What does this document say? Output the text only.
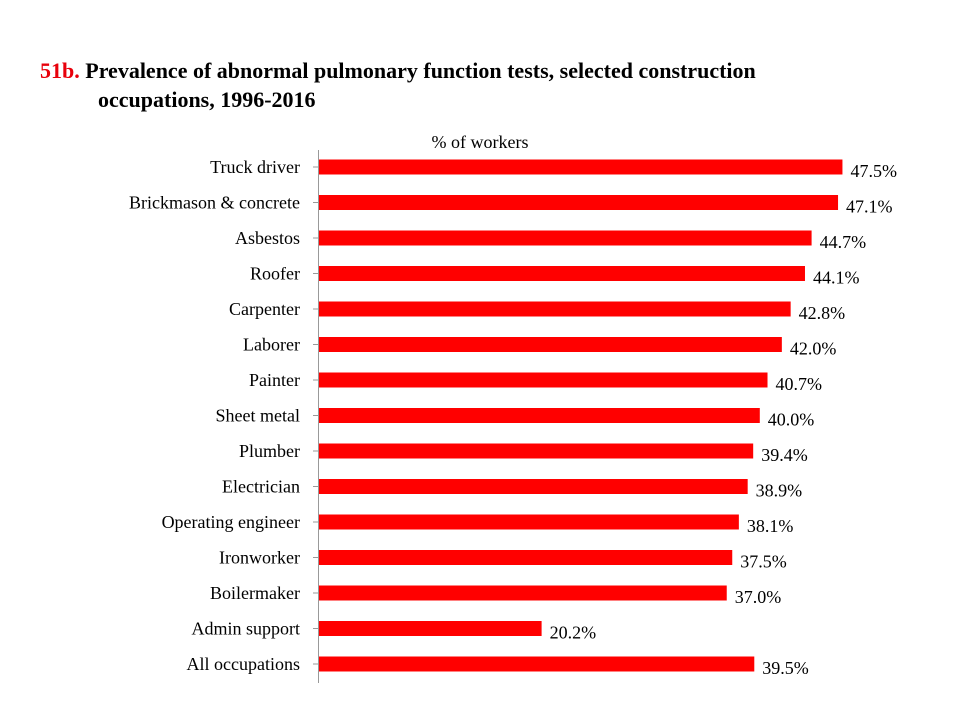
51b. Prevalence of abnormal pulmonary function tests, selected construction
occupations, 1996-2016
% of workers
Truck driver	47.5%
Brickmason & concrete	47.1%
Asbestos	44.7%
Roofer	44.1%
Carpenter	42.8%
Laborer	42.0%
Painter	40.7%
Sheet metal	40.0%
Plumber	39.4%
Electrician	38.9%
Operating engineer	38.1%
Ironworker	37.5%
Boilermaker	37.0%
Admin support	20.2%
All occupations	39.5%
